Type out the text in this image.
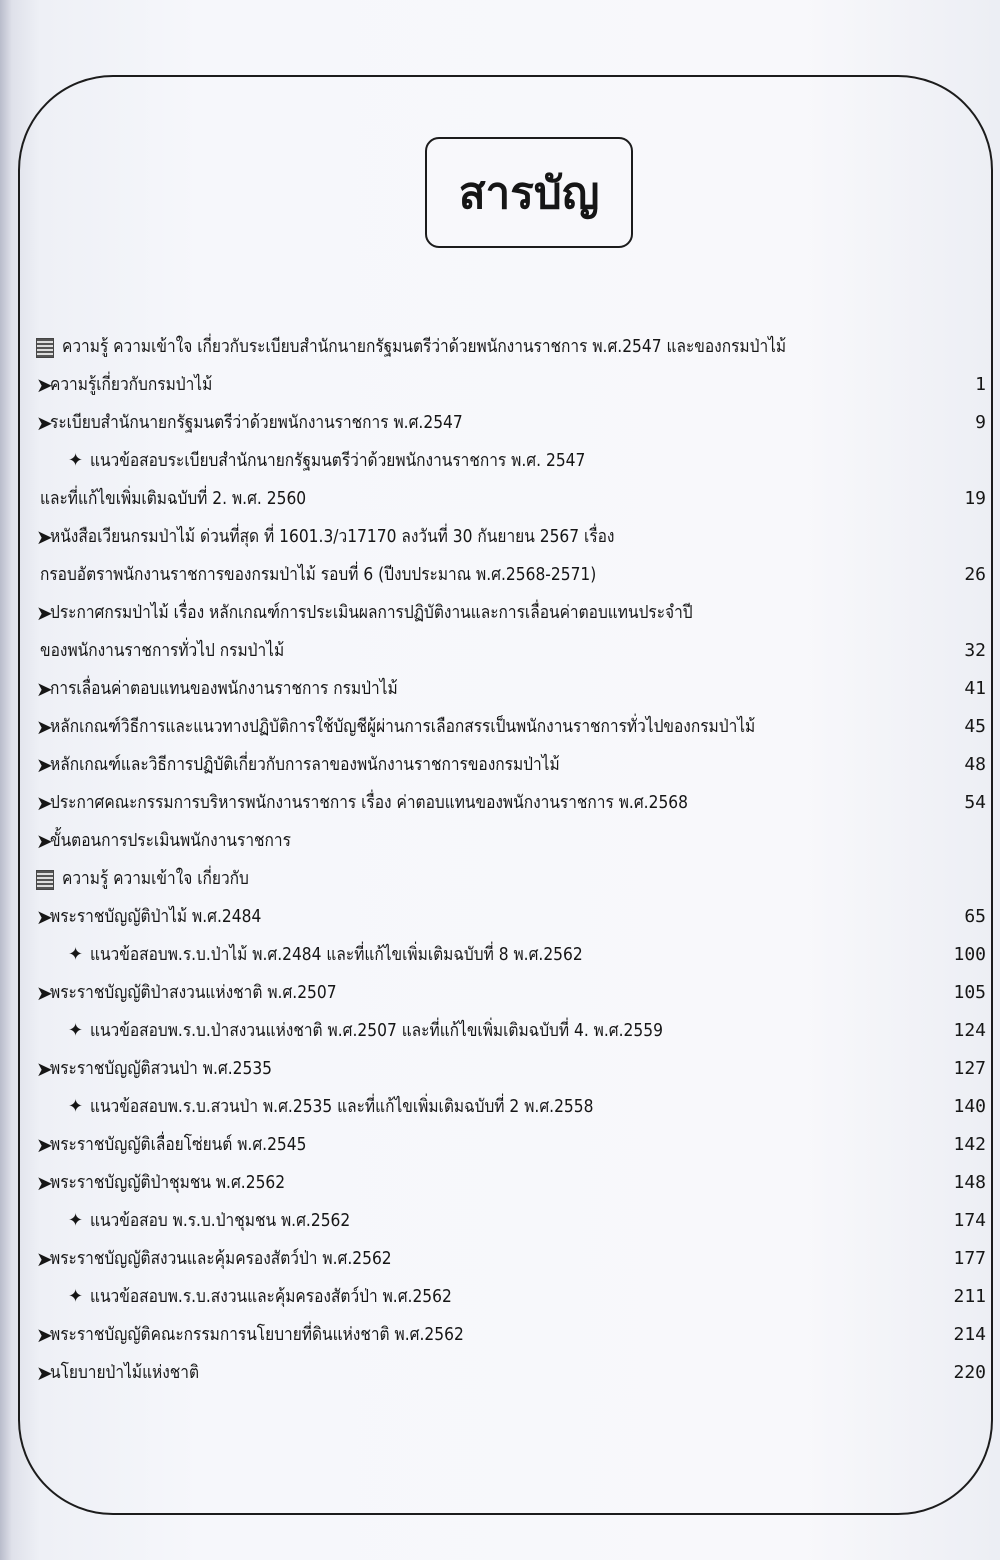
สารบัญ
ความรู้ ความเข้าใจ เกี่ยวกับระเบียบสำนักนายกรัฐมนตรีว่าด้วยพนักงานราชการ พ.ศ.2547 และของกรมป่าไม้
➤
ความรู้เกี่ยวกับกรมป่าไม้	1
➤
ระเบียบสำนักนายกรัฐมนตรีว่าด้วยพนักงานราชการ พ.ศ.2547	9
✦ แนวข้อสอบระเบียบสำนักนายกรัฐมนตรีว่าด้วยพนักงานราชการ พ.ศ. 2547
และที่แก้ไขเพิ่มเติมฉบับที่ 2. พ.ศ. 2560	19
➤
หนังสือเวียนกรมป่าไม้ ด่วนที่สุด ที่ 1601.3/ว17170 ลงวันที่ 30 กันยายน 2567 เรื่อง
กรอบอัตราพนักงานราชการของกรมป่าไม้ รอบที่ 6 (ปีงบประมาณ พ.ศ.2568-2571)	26
➤
ประกาศกรมป่าไม้ เรื่อง หลักเกณฑ์การประเมินผลการปฏิบัติงานและการเลื่อนค่าตอบแทนประจำปี
ของพนักงานราชการทั่วไป กรมป่าไม้	32
➤
การเลื่อนค่าตอบแทนของพนักงานราชการ กรมป่าไม้	41
➤
หลักเกณฑ์วิธีการและแนวทางปฏิบัติการใช้บัญชีผู้ผ่านการเลือกสรรเป็นพนักงานราชการทั่วไปของกรมป่าไม้	45
➤
หลักเกณฑ์และวิธีการปฏิบัติเกี่ยวกับการลาของพนักงานราชการของกรมป่าไม้	48
➤
ประกาศคณะกรรมการบริหารพนักงานราชการ เรื่อง ค่าตอบแทนของพนักงานราชการ พ.ศ.2568	54
➤
ขั้นตอนการประเมินพนักงานราชการ
ความรู้ ความเข้าใจ เกี่ยวกับ
➤
พระราชบัญญัติป่าไม้ พ.ศ.2484	65
✦ แนวข้อสอบพ.ร.บ.ป่าไม้ พ.ศ.2484 และที่แก้ไขเพิ่มเติมฉบับที่ 8 พ.ศ.2562	100
➤
พระราชบัญญัติป่าสงวนแห่งชาติ พ.ศ.2507	105
✦ แนวข้อสอบพ.ร.บ.ป่าสงวนแห่งชาติ พ.ศ.2507 และที่แก้ไขเพิ่มเติมฉบับที่ 4. พ.ศ.2559	124
➤
พระราชบัญญัติสวนป่า พ.ศ.2535	127
✦ แนวข้อสอบพ.ร.บ.สวนป่า พ.ศ.2535 และที่แก้ไขเพิ่มเติมฉบับที่ 2 พ.ศ.2558	140
➤
พระราชบัญญัติเลื่อยโซ่ยนต์ พ.ศ.2545	142
➤
พระราชบัญญัติป่าชุมชน พ.ศ.2562	148
✦ แนวข้อสอบ พ.ร.บ.ป่าชุมชน พ.ศ.2562	174
➤
พระราชบัญญัติสงวนและคุ้มครองสัตว์ป่า พ.ศ.2562	177
✦ แนวข้อสอบพ.ร.บ.สงวนและคุ้มครองสัตว์ป่า พ.ศ.2562	211
➤
พระราชบัญญัติคณะกรรมการนโยบายที่ดินแห่งชาติ พ.ศ.2562	214
➤
นโยบายป่าไม้แห่งชาติ	220
